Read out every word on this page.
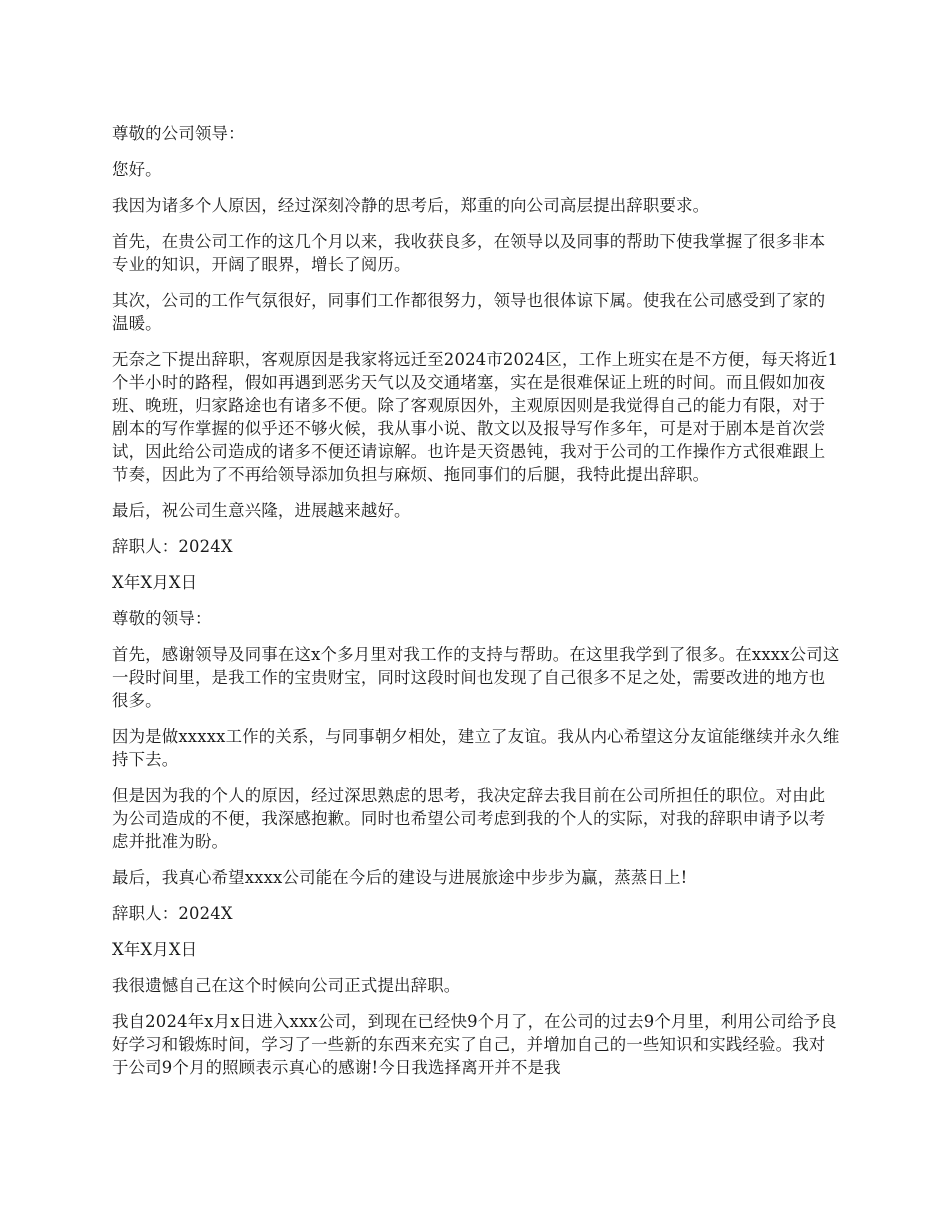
尊敬的公司领导：

您好。

我因为诸多个人原因，经过深刻冷静的思考后，郑重的向公司高层提出辞职要求。

首先，在贵公司工作的这几个月以来，我收获良多，在领导以及同事的帮助下使我掌握了很多非本专业的知识，开阔了眼界，增长了阅历。

其次，公司的工作气氛很好，同事们工作都很努力，领导也很体谅下属。使我在公司感受到了家的温暖。

无奈之下提出辞职，客观原因是我家将远迁至2024市2024区，工作上班实在是不方便，每天将近1个半小时的路程，假如再遇到恶劣天气以及交通堵塞，实在是很难保证上班的时间。而且假如加夜班、晚班，归家路途也有诸多不便。除了客观原因外，主观原因则是我觉得自己的能力有限，对于剧本的写作掌握的似乎还不够火候，我从事小说、散文以及报导写作多年，可是对于剧本是首次尝试，因此给公司造成的诸多不便还请谅解。也许是天资愚钝，我对于公司的工作操作方式很难跟上节奏，因此为了不再给领导添加负担与麻烦、拖同事们的后腿，我特此提出辞职。

最后，祝公司生意兴隆，进展越来越好。

辞职人：2024X

X年X月X日

尊敬的领导：

首先，感谢领导及同事在这x个多月里对我工作的支持与帮助。在这里我学到了很多。在xxxx公司这一段时间里，是我工作的宝贵财宝，同时这段时间也发现了自己很多不足之处，需要改进的地方也很多。

因为是做xxxxx工作的关系，与同事朝夕相处，建立了友谊。我从内心希望这分友谊能继续并永久维持下去。

但是因为我的个人的原因，经过深思熟虑的思考，我决定辞去我目前在公司所担任的职位。对由此为公司造成的不便，我深感抱歉。同时也希望公司考虑到我的个人的实际，对我的辞职申请予以考虑并批准为盼。

最后，我真心希望xxxx公司能在今后的建设与进展旅途中步步为赢，蒸蒸日上!

辞职人：2024X

X年X月X日

我很遗憾自己在这个时候向公司正式提出辞职。

我自2024年x月x日进入xxx公司，到现在已经快9个月了，在公司的过去9个月里，利用公司给予良好学习和锻炼时间，学习了一些新的东西来充实了自己，并增加自己的一些知识和实践经验。我对于公司9个月的照顾表示真心的感谢!今日我选择离开并不是我
